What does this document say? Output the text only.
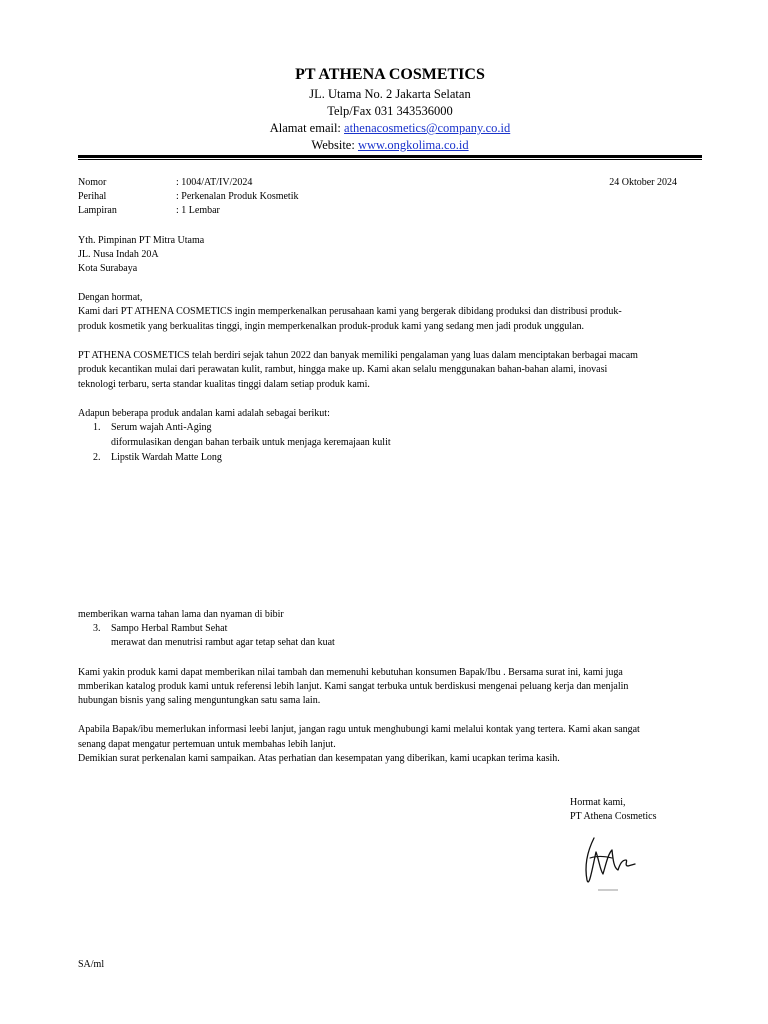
PT ATHENA COSMETICS
JL. Utama No. 2 Jakarta Selatan
Telp/Fax 031 343536000
Alamat email: athenacosmetics@company.co.id
Website: www.ongkolima.co.id
Nomor	: 1004/AT/IV/2024	24 Oktober 2024
Perihal	: Perkenalan Produk Kosmetik
Lampiran	: 1 Lembar
Yth. Pimpinan PT Mitra Utama
JL. Nusa Indah 20A
Kota Surabaya
Dengan hormat,
Kami dari PT ATHENA COSMETICS ingin memperkenalkan perusahaan kami yang bergerak dibidang produksi dan distribusi produk-
produk kosmetik yang berkualitas tinggi, ingin memperkenalkan produk-produk kami yang sedang men jadi produk unggulan.
PT ATHENA COSMETICS telah berdiri sejak tahun 2022 dan banyak memiliki pengalaman yang luas dalam menciptakan berbagai macam
produk kecantikan mulai dari perawatan kulit, rambut, hingga make up. Kami akan selalu menggunakan bahan-bahan alami, inovasi
teknologi terbaru, serta standar kualitas tinggi dalam setiap produk kami.
Adapun beberapa produk andalan kami adalah sebagai berikut:
1. Serum wajah Anti-Aging
diformulasikan dengan bahan terbaik untuk menjaga keremajaan kulit
2. Lipstik Wardah Matte Long
memberikan warna tahan lama dan nyaman di bibir
3. Sampo Herbal Rambut Sehat
merawat dan menutrisi rambut agar tetap sehat dan kuat
Kami yakin produk kami dapat memberikan nilai tambah dan memenuhi kebutuhan konsumen Bapak/Ibu . Bersama surat ini, kami juga
mmberikan katalog produk kami untuk referensi lebih lanjut. Kami sangat terbuka untuk berdiskusi mengenai peluang kerja dan menjalin
hubungan bisnis yang saling menguntungkan satu sama lain.
Apabila Bapak/ibu memerlukan informasi leebi lanjut, jangan ragu untuk menghubungi kami melalui kontak yang tertera. Kami akan sangat
senang dapat mengatur pertemuan untuk membahas lebih lanjut.
Demikian surat perkenalan kami sampaikan. Atas perhatian dan kesempatan yang diberikan, kami ucapkan terima kasih.
Hormat kami,
PT Athena Cosmetics
SA/ml
